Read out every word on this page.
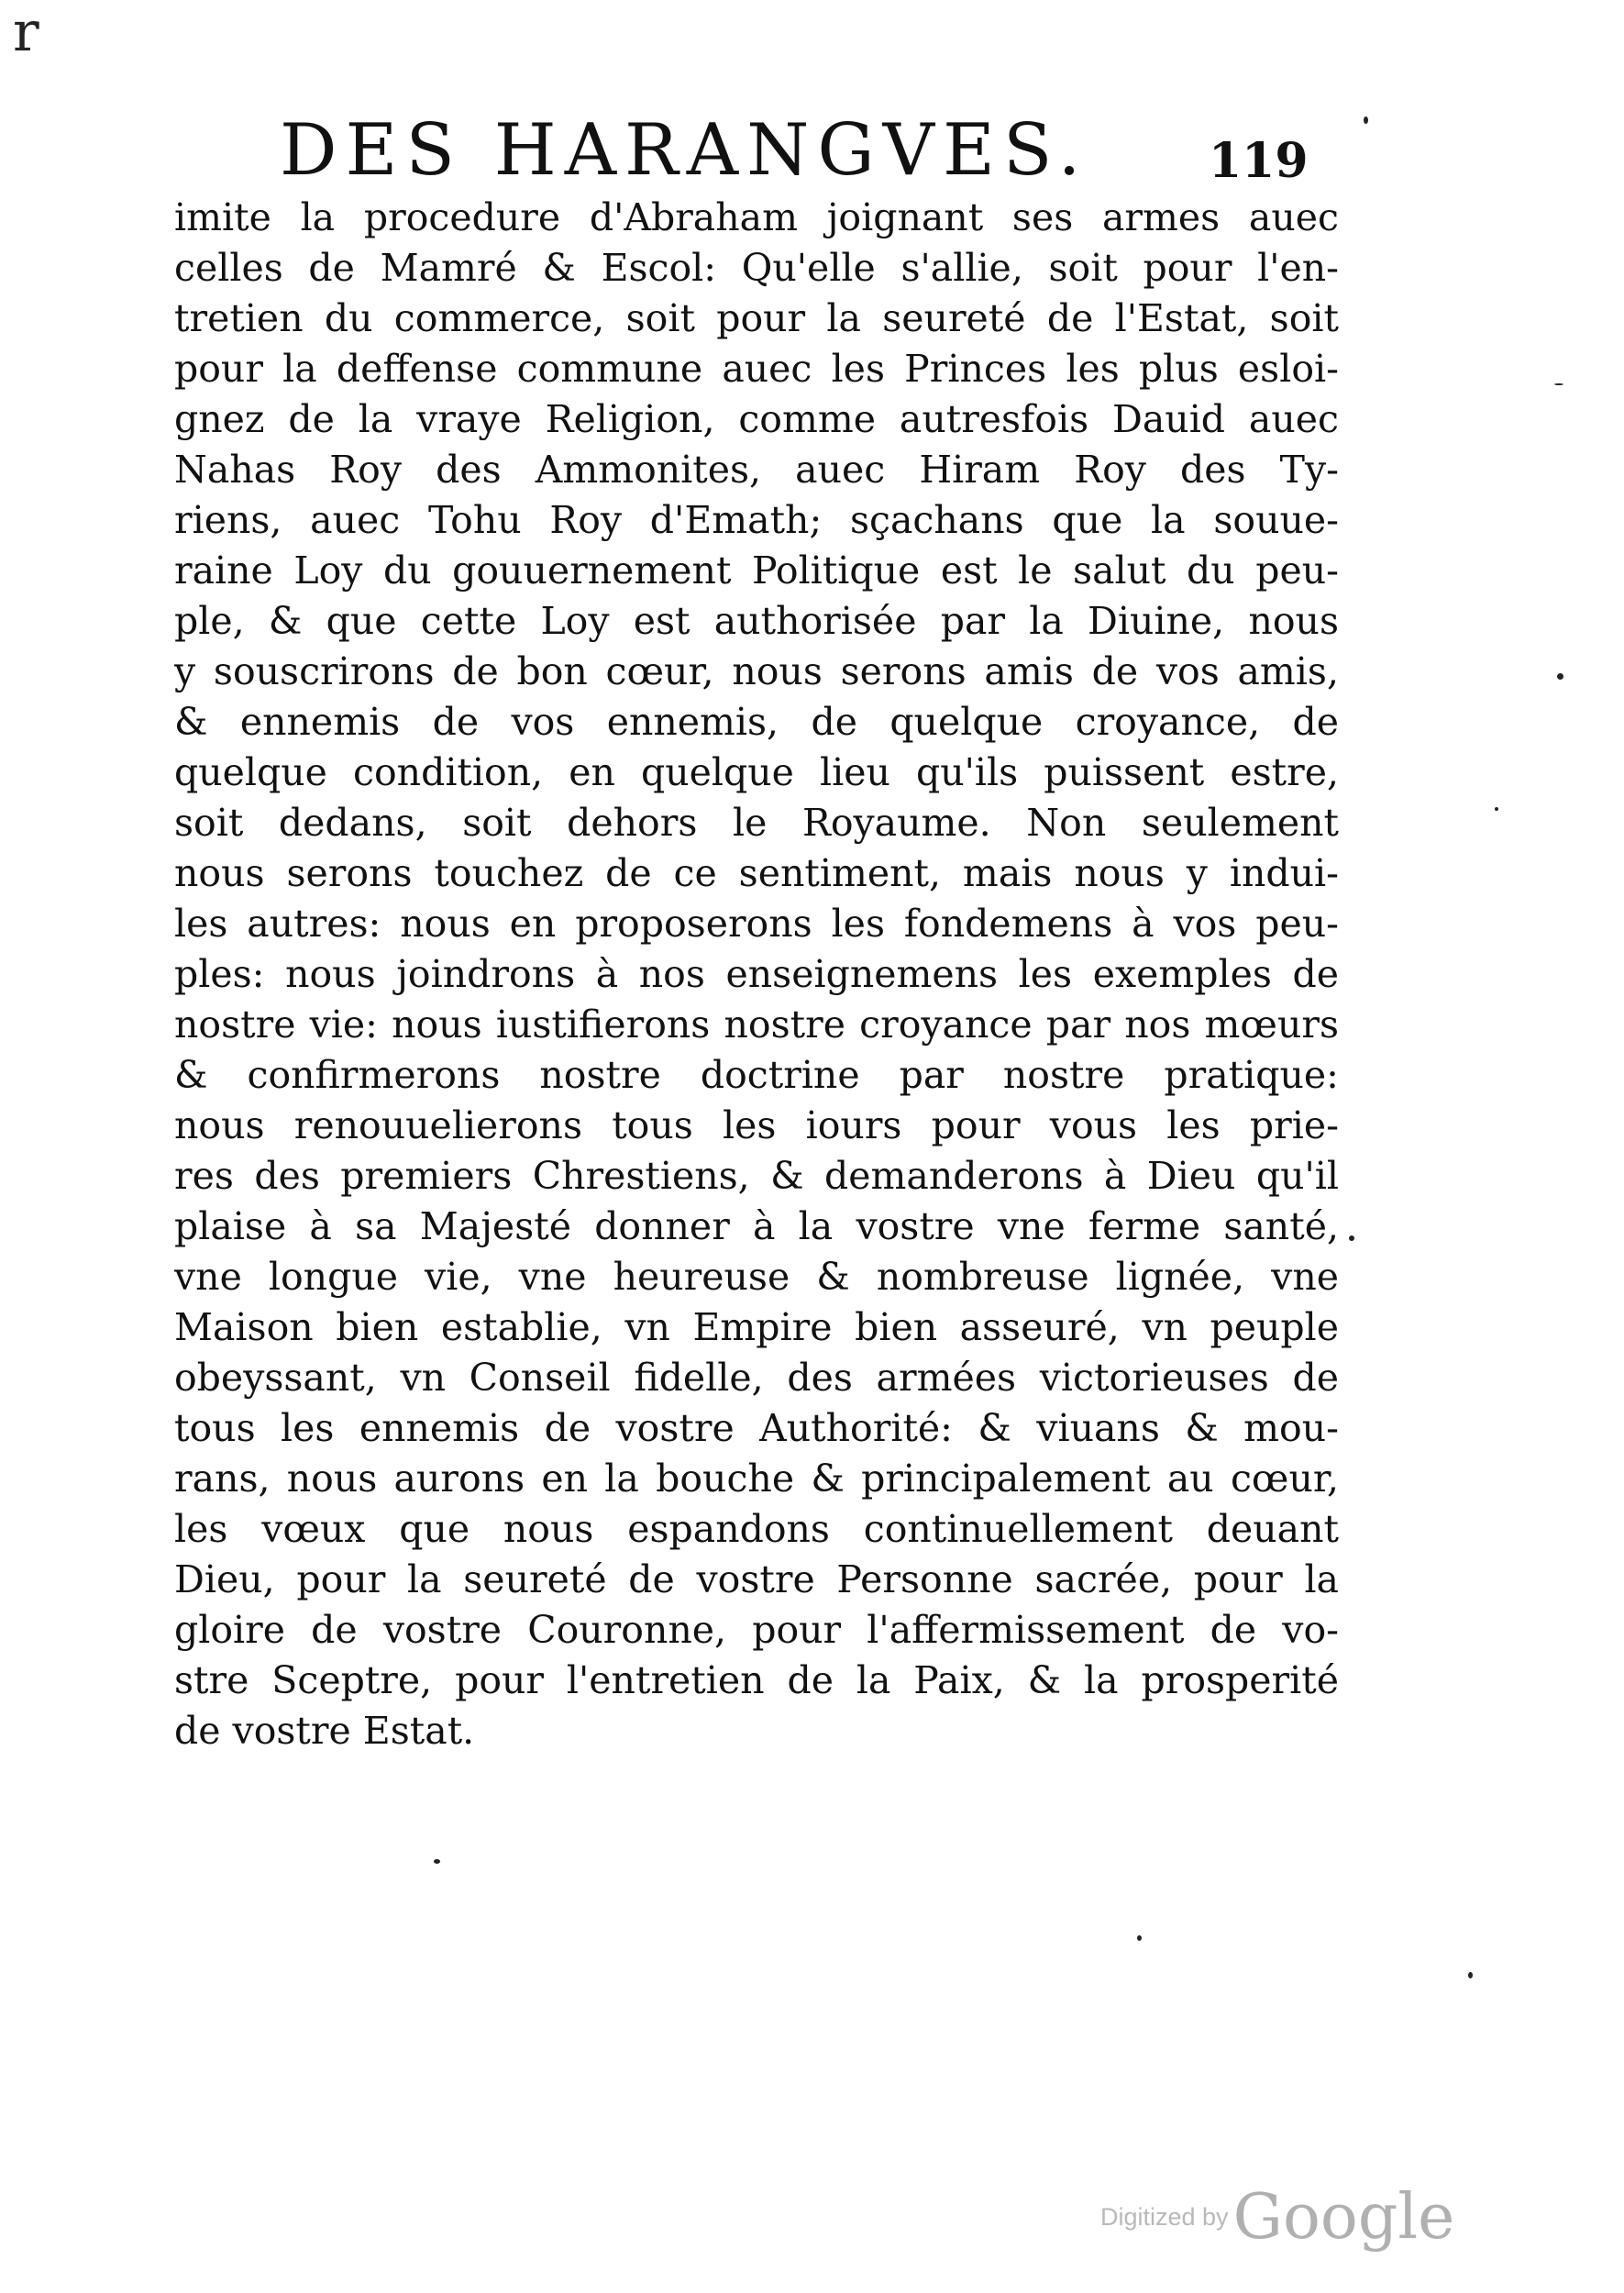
r
DES HARANGVES.	119
imite la procedure d'Abraham joignant ses armes auec
celles de Mamré & Escol: Qu'elle s'allie, soit pour l'en-
tretien du commerce, soit pour la seureté de l'Estat, soit
pour la deffense commune auec les Princes les plus esloi-
gnez de la vraye Religion, comme autresfois Dauid auec
Nahas Roy des Ammonites, auec Hiram Roy des Ty-
riens, auec Tohu Roy d'Emath; sçachans que la souue-
raine Loy du gouuernement Politique est le salut du peu-
ple, & que cette Loy est authorisée par la Diuine, nous
y souscrirons de bon cœur, nous serons amis de vos amis,
& ennemis de vos ennemis, de quelque croyance, de
quelque condition, en quelque lieu qu'ils puissent estre,
soit dedans, soit dehors le Royaume. Non seulement
nous serons touchez de ce sentiment, mais nous y indui-
les autres: nous en proposerons les fondemens à vos peu-
ples: nous joindrons à nos enseignemens les exemples de
nostre vie: nous iustifierons nostre croyance par nos mœurs
& confirmerons nostre doctrine par nostre pratique:
nous renouuelierons tous les iours pour vous les prie-
res des premiers Chrestiens, & demanderons à Dieu qu'il
plaise à sa Majesté donner à la vostre vne ferme santé,
vne longue vie, vne heureuse & nombreuse lignée, vne
Maison bien establie, vn Empire bien asseuré, vn peuple
obeyssant, vn Conseil fidelle, des armées victorieuses de
tous les ennemis de vostre Authorité: & viuans & mou-
rans, nous aurons en la bouche & principalement au cœur,
les vœux que nous espandons continuellement deuant
Dieu, pour la seureté de vostre Personne sacrée, pour la
gloire de vostre Couronne, pour l'affermissement de vo-
stre Sceptre, pour l'entretien de la Paix, & la prosperité
de vostre Estat.
Digitized by Google
